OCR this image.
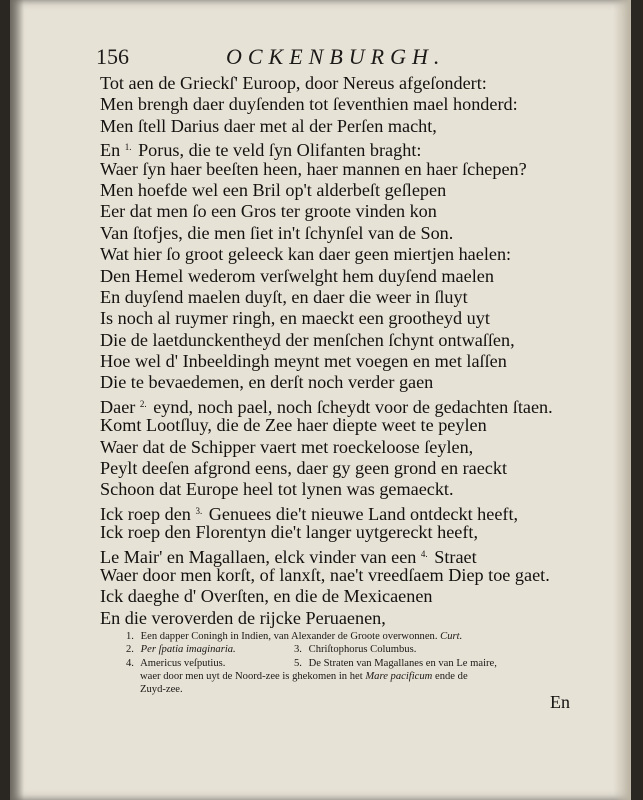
156	OCKENBURGH.
Tot aen de Grieckſ' Euroop, door Nereus afgeſondert:
Men brengh daer duyſenden tot ſeventhien mael honderd:
Men ſtell Darius daer met al der Perſen macht,
En $^{1.}$ Porus, die te veld ſyn Olifanten braght:
Waer ſyn haer beeſten heen, haer mannen en haer ſchepen?
Men hoefde wel een Bril op't alderbeſt geſlepen
Eer dat men ſo een Gros ter groote vinden kon
Van ſtofjes, die men ſiet in't ſchynſel van de Son.
Wat hier ſo groot geleeck kan daer geen miertjen haelen:
Den Hemel wederom verſwelght hem duyſend maelen
En duyſend maelen duyſt, en daer die weer in ſluyt
Is noch al ruymer ringh, en maeckt een grootheyd uyt
Die de laetdunckentheyd der menſchen ſchynt ontwaſſen,
Hoe wel d' Inbeeldingh meynt met voegen en met laſſen
Die te bevaedemen, en derſt noch verder gaen
Daer $^{2.}$ eynd, noch pael, noch ſcheydt voor de gedachten ſtaen.
Komt Lootſluy, die de Zee haer diepte weet te peylen
Waer dat de Schipper vaert met roeckeloose ſeylen,
Peylt deeſen afgrond eens, daer gy geen grond en raeckt
Schoon dat Europe heel tot lynen was gemaeckt.
Ick roep den $^{3.}$ Genuees die't nieuwe Land ontdeckt heeft,
Ick roep den Florentyn die't langer uytgereckt heeft,
Le Mair' en Magallaen, elck vinder van een $^{4.}$ Straet
Waer door men korſt, of lanxſt, nae't vreedſaem Diep toe gaet.
Ick daeghe d' Overſten, en die de Mexicaenen
En die veroverden de rijcke Peruaenen,
1. Een dapper Coningh in Indien, van Alexander de Groote overwonnen. Curt.
2. Per ſpatia imaginaria.	3. Chriſtophorus Columbus.
4. Americus veſputius.	5. De Straten van Magallanes en van Le maire,
waer door men uyt de Noord-zee is ghekomen in het Mare pacificum ende de
Zuyd-zee.
En
